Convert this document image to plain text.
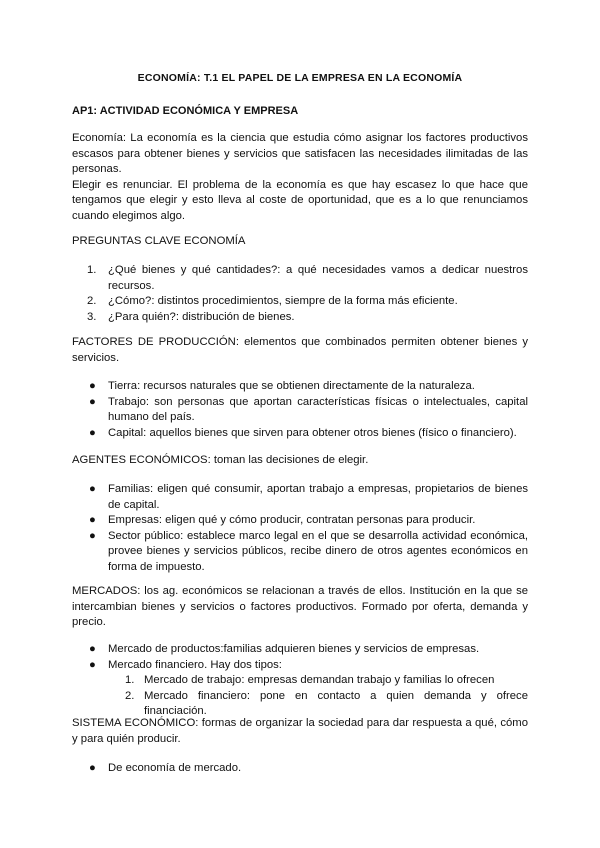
ECONOMÍA: T.1 EL PAPEL DE LA EMPRESA EN LA ECONOMÍA
AP1: ACTIVIDAD ECONÓMICA Y EMPRESA

Economía: La economía es la ciencia que estudia cómo asignar los factores productivos escasos para obtener bienes y servicios que satisfacen las necesidades ilimitadas de las personas.

Elegir es renunciar. El problema de la economía es que hay escasez lo que hace que tengamos que elegir y esto lleva al coste de oportunidad, que es a lo que renunciamos cuando elegimos algo.

PREGUNTAS CLAVE ECONOMÍA
1.	¿Qué bienes y qué cantidades?: a qué necesidades vamos a dedicar nuestros recursos.
2.	¿Cómo?: distintos procedimientos, siempre de la forma más eficiente.
3.	¿Para quién?: distribución de bienes.
FACTORES DE PRODUCCIÓN: elementos que combinados permiten obtener bienes y servicios.
● Tierra: recursos naturales que se obtienen directamente de la naturaleza.
● Trabajo: son personas que aportan características físicas o intelectuales, capital humano del país.
● Capital: aquellos bienes que sirven para obtener otros bienes (físico o financiero).
AGENTES ECONÓMICOS: toman las decisiones de elegir.
● Familias: eligen qué consumir, aportan trabajo a empresas, propietarios de bienes de capital.
● Empresas: eligen qué y cómo producir, contratan personas para producir.
● Sector público: establece marco legal en el que se desarrolla actividad económica, provee bienes y servicios públicos, recibe dinero de otros agentes económicos en forma de impuesto.
MERCADOS: los ag. económicos se relacionan a través de ellos. Institución en la que se intercambian bienes y servicios o factores productivos. Formado por oferta, demanda y precio.
● Mercado de productos:familias adquieren bienes y servicios de empresas.
● Mercado financiero. Hay dos tipos:
1. Mercado de trabajo: empresas demandan trabajo y familias lo ofrecen
2. Mercado financiero: pone en contacto a quien demanda y ofrece financiación.
SISTEMA ECONÓMICO: formas de organizar la sociedad para dar respuesta a qué, cómo y para quién producir.
● De economía de mercado.
